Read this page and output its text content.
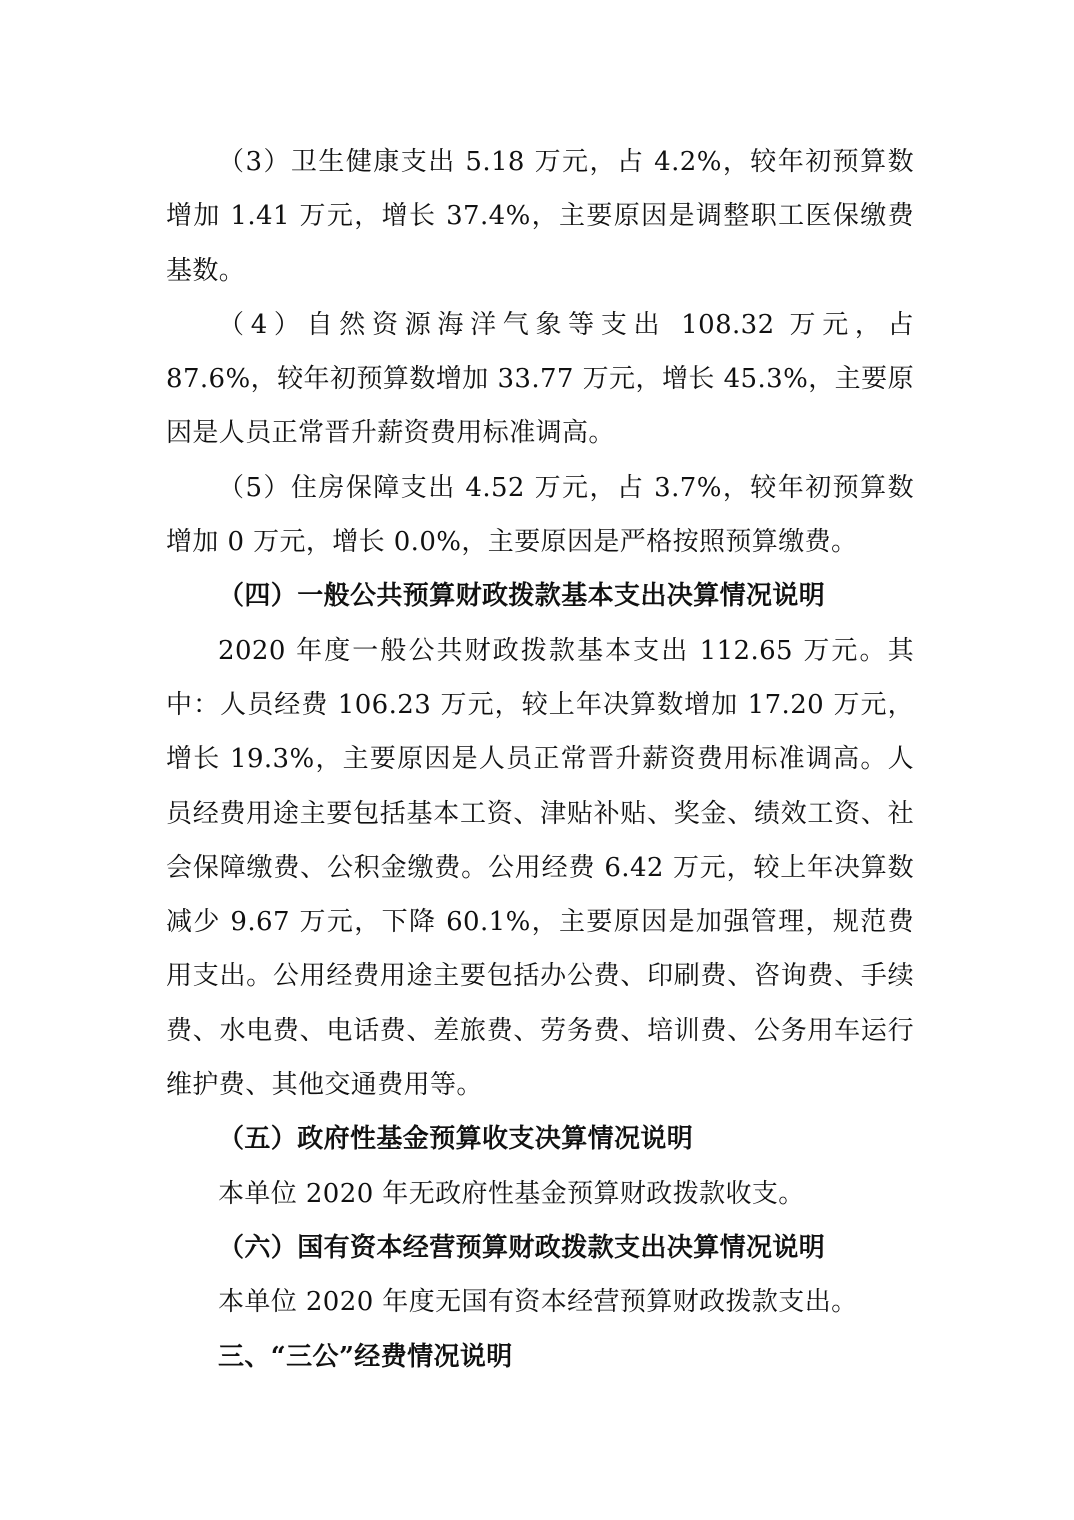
（3）卫生健康支出 5.18 万元，占 4.2%，较年初预算数增加 1.41 万元，增长 37.4%，主要原因是调整职工医保缴费基数。

（4）自然资源海洋气象等支出 108.32 万元，占 87.6%，较年初预算数增加 33.77 万元，增长 45.3%，主要原因是人员正常晋升薪资费用标准调高。

（5）住房保障支出 4.52 万元，占 3.7%，较年初预算数增加 0 万元，增长 0.0%，主要原因是严格按照预算缴费。

（四）一般公共预算财政拨款基本支出决算情况说明

2020 年度一般公共财政拨款基本支出 112.65 万元。其中：人员经费 106.23 万元，较上年决算数增加 17.20 万元，增长 19.3%，主要原因是人员正常晋升薪资费用标准调高。人员经费用途主要包括基本工资、津贴补贴、奖金、绩效工资、社会保障缴费、公积金缴费。公用经费 6.42 万元，较上年决算数减少 9.67 万元，下降 60.1%，主要原因是加强管理，规范费用支出。公用经费用途主要包括办公费、印刷费、咨询费、手续费、水电费、电话费、差旅费、劳务费、培训费、公务用车运行维护费、其他交通费用等。

（五）政府性基金预算收支决算情况说明

本单位 2020 年无政府性基金预算财政拨款收支。

（六）国有资本经营预算财政拨款支出决算情况说明

本单位 2020 年度无国有资本经营预算财政拨款支出。

三、“三公”经费情况说明
